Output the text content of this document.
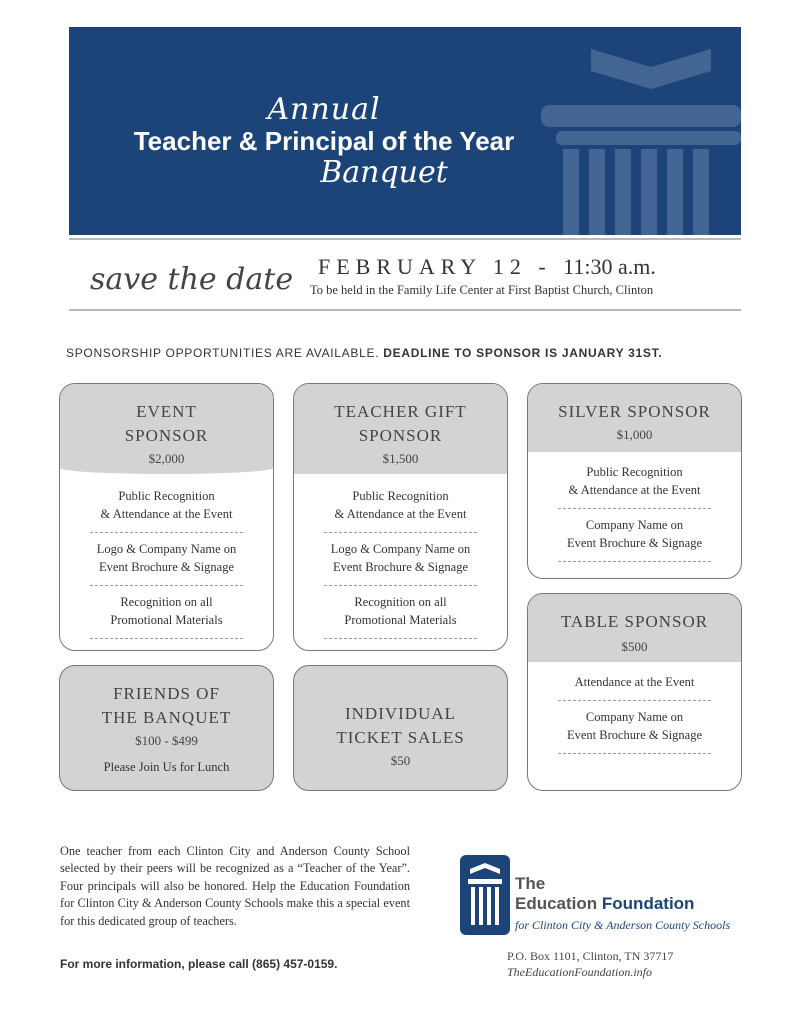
Annual
Teacher & Principal of the Year
Banquet
save the date FEBRUARY 12 - 11:30 a.m.
To be held in the Family Life Center at First Baptist Church, Clinton
SPONSORSHIP OPPORTUNITIES ARE AVAILABLE. DEADLINE TO SPONSOR IS JANUARY 31ST.
EVENT
SPONSOR
$2,000
Public Recognition
& Attendance at the Event
Logo & Company Name on
Event Brochure & Signage
Recognition on all
Promotional Materials
TEACHER GIFT
SPONSOR
$1,500
Public Recognition
& Attendance at the Event
Logo & Company Name on
Event Brochure & Signage
Recognition on all
Promotional Materials
SILVER SPONSOR
$1,000
Public Recognition
& Attendance at the Event
Company Name on
Event Brochure & Signage
TABLE SPONSOR
$500
Attendance at the Event
Company Name on
Event Brochure & Signage
FRIENDS OF
THE BANQUET
$100 - $499
Please Join Us for Lunch
INDIVIDUAL
TICKET SALES
$50
One teacher from each Clinton City and Anderson County School selected by their peers will be recognized as a “Teacher of the Year”. Four principals will also be honored. Help the Education Foundation for Clinton City & Anderson County Schools make this a special event for this dedicated group of teachers.
For more information, please call (865) 457-0159.
The
Education Foundation
for Clinton City & Anderson County Schools
P.O. Box 1101, Clinton, TN 37717
TheEducationFoundation.info
